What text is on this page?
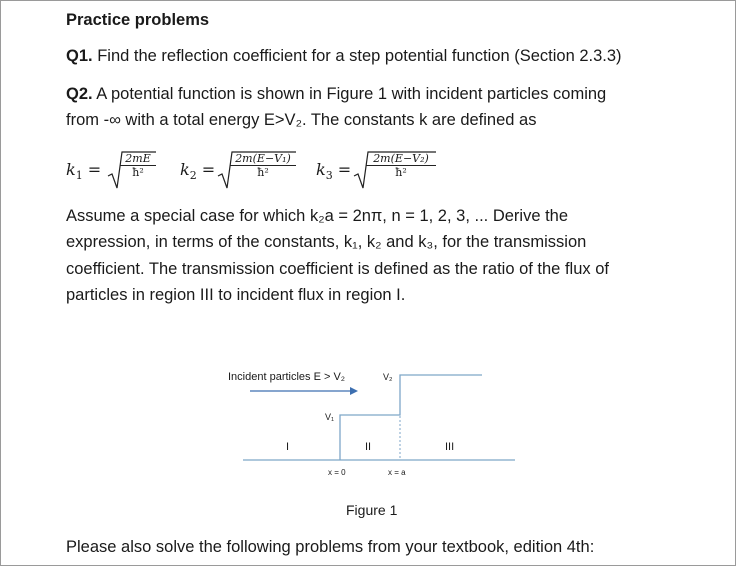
Practice problems
Q1. Find the reflection coefficient for a step potential function (Section 2.3.3)
Q2. A potential function is shown in Figure 1 with incident particles coming
from -∞ with a total energy E>V₂. The constants k are defined as
$k_1 = \frac{2mE}{\text{ħ²}} k_2 = \frac{\text{2m(E−V₁)}}{\text{ħ²}} k_3 = \frac{\text{2m(E−V₂)}}{\text{ħ²}}$
Assume a special case for which k₂a = 2nπ, n = 1, 2, 3, ... Derive the
expression, in terms of the constants, k₁, k₂ and k₃, for the transmission
coefficient. The transmission coefficient is defined as the ratio of the flux of
particles in region III to incident flux in region I.
Incident particles E > V₂	V₂
V₁
I	II	III
x = 0	x = a
Figure 1
Please also solve the following problems from your textbook, edition 4th:
